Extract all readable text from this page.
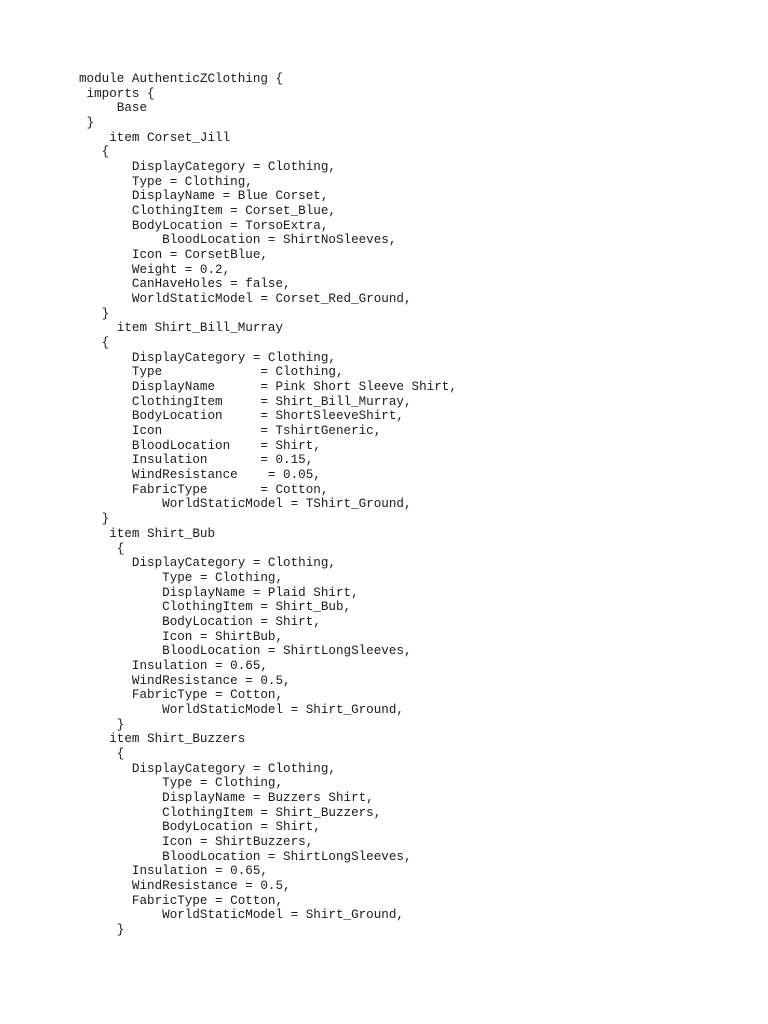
module AuthenticZClothing {
imports {
Base
}
item Corset_Jill
{
DisplayCategory = Clothing,
Type = Clothing,
DisplayName = Blue Corset,
ClothingItem = Corset_Blue,
BodyLocation = TorsoExtra,
BloodLocation = ShirtNoSleeves,
Icon = CorsetBlue,
Weight = 0.2,
CanHaveHoles = false,
WorldStaticModel = Corset_Red_Ground,
}
item Shirt_Bill_Murray
{
DisplayCategory = Clothing,
Type             = Clothing,
DisplayName      = Pink Short Sleeve Shirt,
ClothingItem     = Shirt_Bill_Murray,
BodyLocation     = ShortSleeveShirt,
Icon             = TshirtGeneric,
BloodLocation    = Shirt,
Insulation       = 0.15,
WindResistance    = 0.05,
FabricType       = Cotton,
WorldStaticModel = TShirt_Ground,
}
item Shirt_Bub
{
DisplayCategory = Clothing,
Type = Clothing,
DisplayName = Plaid Shirt,
ClothingItem = Shirt_Bub,
BodyLocation = Shirt,
Icon = ShirtBub,
BloodLocation = ShirtLongSleeves,
Insulation = 0.65,
WindResistance = 0.5,
FabricType = Cotton,
WorldStaticModel = Shirt_Ground,
}
item Shirt_Buzzers
{
DisplayCategory = Clothing,
Type = Clothing,
DisplayName = Buzzers Shirt,
ClothingItem = Shirt_Buzzers,
BodyLocation = Shirt,
Icon = ShirtBuzzers,
BloodLocation = ShirtLongSleeves,
Insulation = 0.65,
WindResistance = 0.5,
FabricType = Cotton,
WorldStaticModel = Shirt_Ground,
}
